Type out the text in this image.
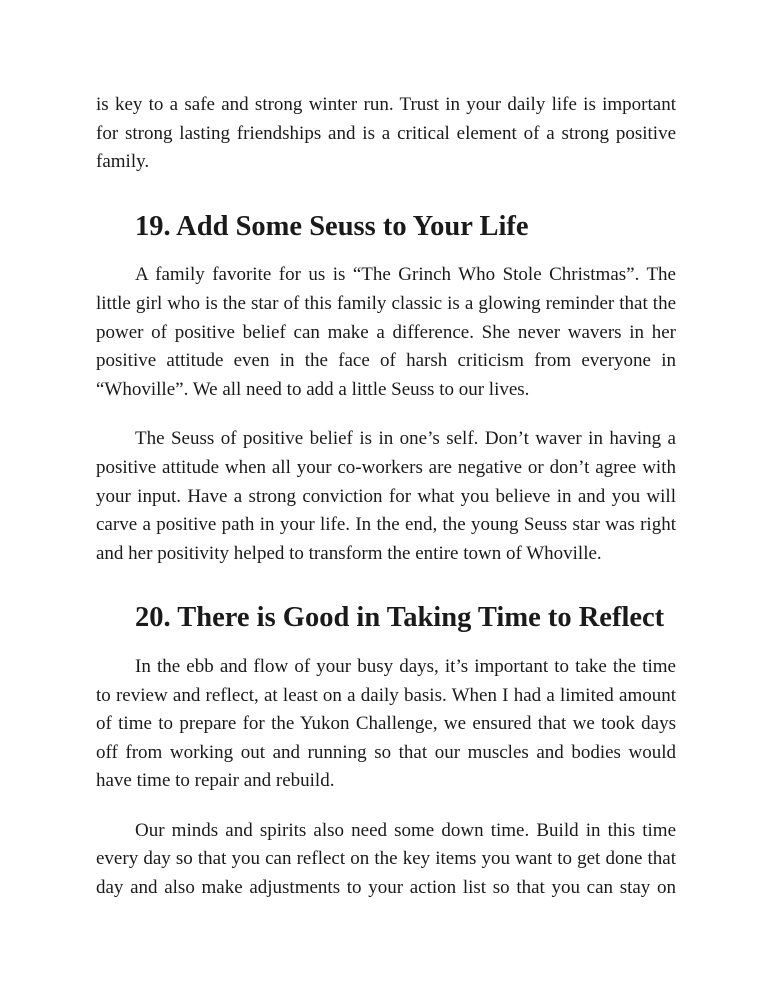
is key to a safe and strong winter run. Trust in your daily life is important for strong lasting friendships and is a critical element of a strong positive family.

19. Add Some Seuss to Your Life

A family favorite for us is “The Grinch Who Stole Christmas”. The little girl who is the star of this family classic is a glowing reminder that the power of positive belief can make a difference. She never wavers in her positive attitude even in the face of harsh criticism from everyone in “Whoville”. We all need to add a little Seuss to our lives.

The Seuss of positive belief is in one’s self. Don’t waver in having a positive attitude when all your co-workers are negative or don’t agree with your input. Have a strong conviction for what you believe in and you will carve a positive path in your life. In the end, the young Seuss star was right and her positivity helped to transform the entire town of Whoville.

20. There is Good in Taking Time to Reflect

In the ebb and flow of your busy days, it’s important to take the time to review and reflect, at least on a daily basis. When I had a limited amount of time to prepare for the Yukon Challenge, we ensured that we took days off from working out and running so that our muscles and bodies would have time to repair and rebuild.

Our minds and spirits also need some down time. Build in this time every day so that you can reflect on the key items you want to get done that day and also make adjustments to your action list so that you can stay on
